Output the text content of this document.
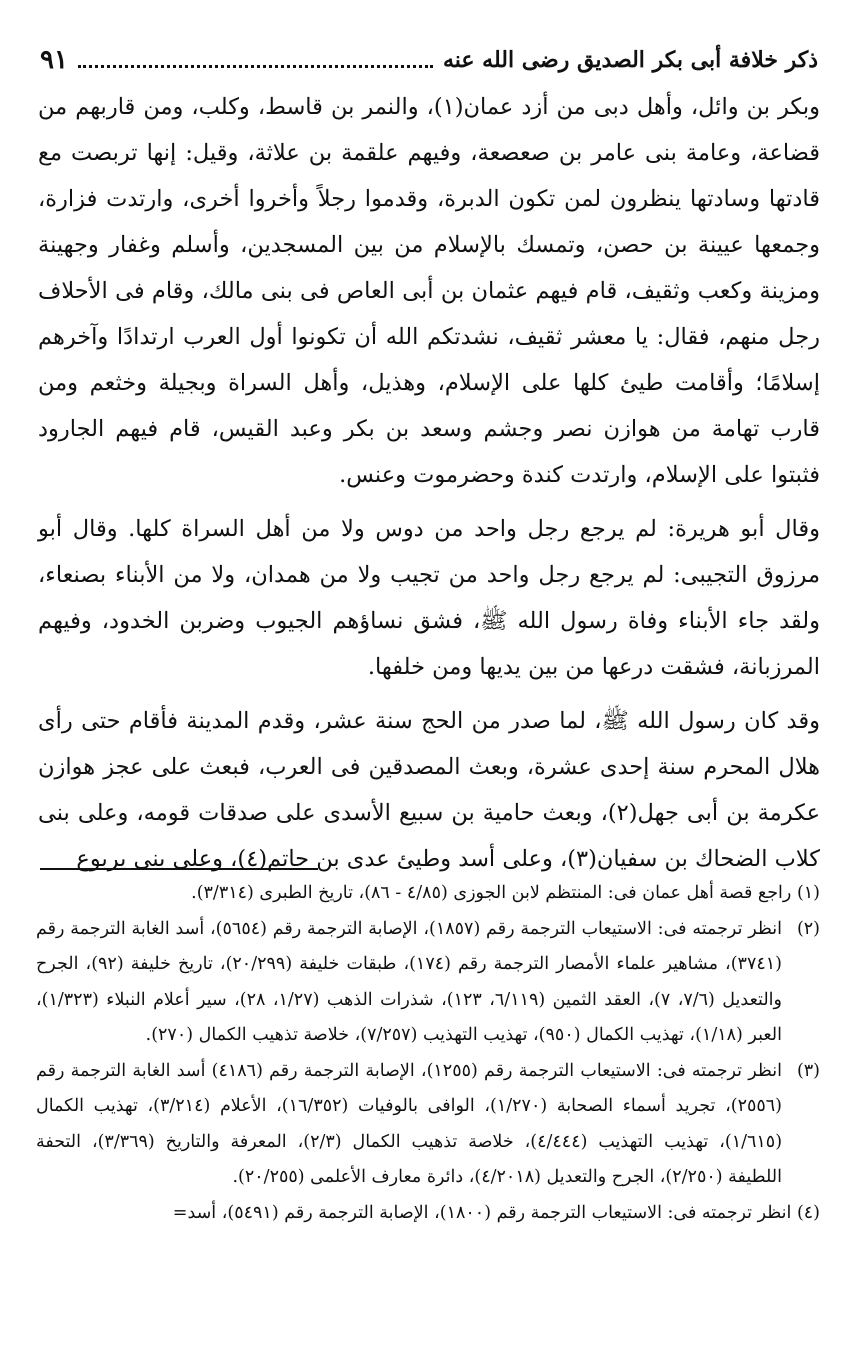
ذكر خلافة أبى بكر الصديق رضى الله عنه
٩١

وبكر بن وائل، وأهل دبى من أزد عمان(١)، والنمر بن قاسط، وكلب، ومن قاربهم من قضاعة، وعامة بنى عامر بن صعصعة، وفيهم علقمة بن علاثة، وقيل: إنها تربصت مع قادتها وسادتها ينظرون لمن تكون الدبرة، وقدموا رجلاً وأخروا أخرى، وارتدت فزارة، وجمعها عيينة بن حصن، وتمسك بالإسلام من بين المسجدين، وأسلم وغفار وجهينة ومزينة وكعب وثقيف، قام فيهم عثمان بن أبى العاص فى بنى مالك، وقام فى الأحلاف رجل منهم، فقال: يا معشر ثقيف، نشدتكم الله أن تكونوا أول العرب ارتدادًا وآخرهم إسلامًا؛ وأقامت طيئ كلها على الإسلام، وهذيل، وأهل السراة وبجيلة وخثعم ومن قارب تهامة من هوازن نصر وجشم وسعد بن بكر وعبد القيس، قام فيهم الجارود فثبتوا على الإسلام، وارتدت كندة وحضرموت وعنس.

وقال أبو هريرة: لم يرجع رجل واحد من دوس ولا من أهل السراة كلها. وقال أبو مرزوق التجيبى: لم يرجع رجل واحد من تجيب ولا من همدان، ولا من الأبناء بصنعاء، ولقد جاء الأبناء وفاة رسول الله ﷺ، فشق نساؤهم الجيوب وضربن الخدود، وفيهم المرزبانة، فشقت درعها من بين يديها ومن خلفها.

وقد كان رسول الله ﷺ، لما صدر من الحج سنة عشر، وقدم المدينة فأقام حتى رأى هلال المحرم سنة إحدى عشرة، وبعث المصدقين فى العرب، فبعث على عجز هوازن عكرمة بن أبى جهل(٢)، وبعث حامية بن سبيع الأسدى على صدقات قومه، وعلى بنى كلاب الضحاك بن سفيان(٣)، وعلى أسد وطيئ عدى بن حاتم(٤)، وعلى بنى يربوع

(١) راجع قصة أهل عمان فى: المنتظم لابن الجوزى (٤/٨٥ - ٨٦)، تاريخ الطبرى (٣/٣١٤).
(٢)
انظر ترجمته فى: الاستيعاب الترجمة رقم (١٨٥٧)، الإصابة الترجمة رقم (٥٦٥٤)، أسد الغابة الترجمة رقم (٣٧٤١)، مشاهير علماء الأمصار الترجمة رقم (١٧٤)، طبقات خليفة (٢٠/٢٩٩)، تاريخ خليفة (٩٢)، الجرح والتعديل (٧/٦، ٧)، العقد الثمين (٦/١١٩، ١٢٣)، شذرات الذهب (١/٢٧، ٢٨)، سير أعلام النبلاء (١/٣٢٣)، العبر (١/١٨)، تهذيب الكمال (٩٥٠)، تهذيب التهذيب (٧/٢٥٧)، خلاصة تذهيب الكمال (٢٧٠).
(٣)
انظر ترجمته فى: الاستيعاب الترجمة رقم (١٢٥٥)، الإصابة الترجمة رقم (٤١٨٦) أسد الغابة الترجمة رقم (٢٥٥٦)، تجريد أسماء الصحابة (١/٢٧٠)، الوافى بالوفيات (١٦/٣٥٢)، الأعلام (٣/٢١٤)، تهذيب الكمال (١/٦١٥)، تهذيب التهذيب (٤/٤٤٤)، خلاصة تذهيب الكمال (٢/٣)، المعرفة والتاريخ (٣/٣٦٩)، التحفة اللطيفة (٢/٢٥٠)، الجرح والتعديل (٤/٢٠١٨)، دائرة معارف الأعلمى (٢٠/٢٥٥).
(٤) انظر ترجمته فى: الاستيعاب الترجمة رقم (١٨٠٠)، الإصابة الترجمة رقم (٥٤٩١)، أسد=
